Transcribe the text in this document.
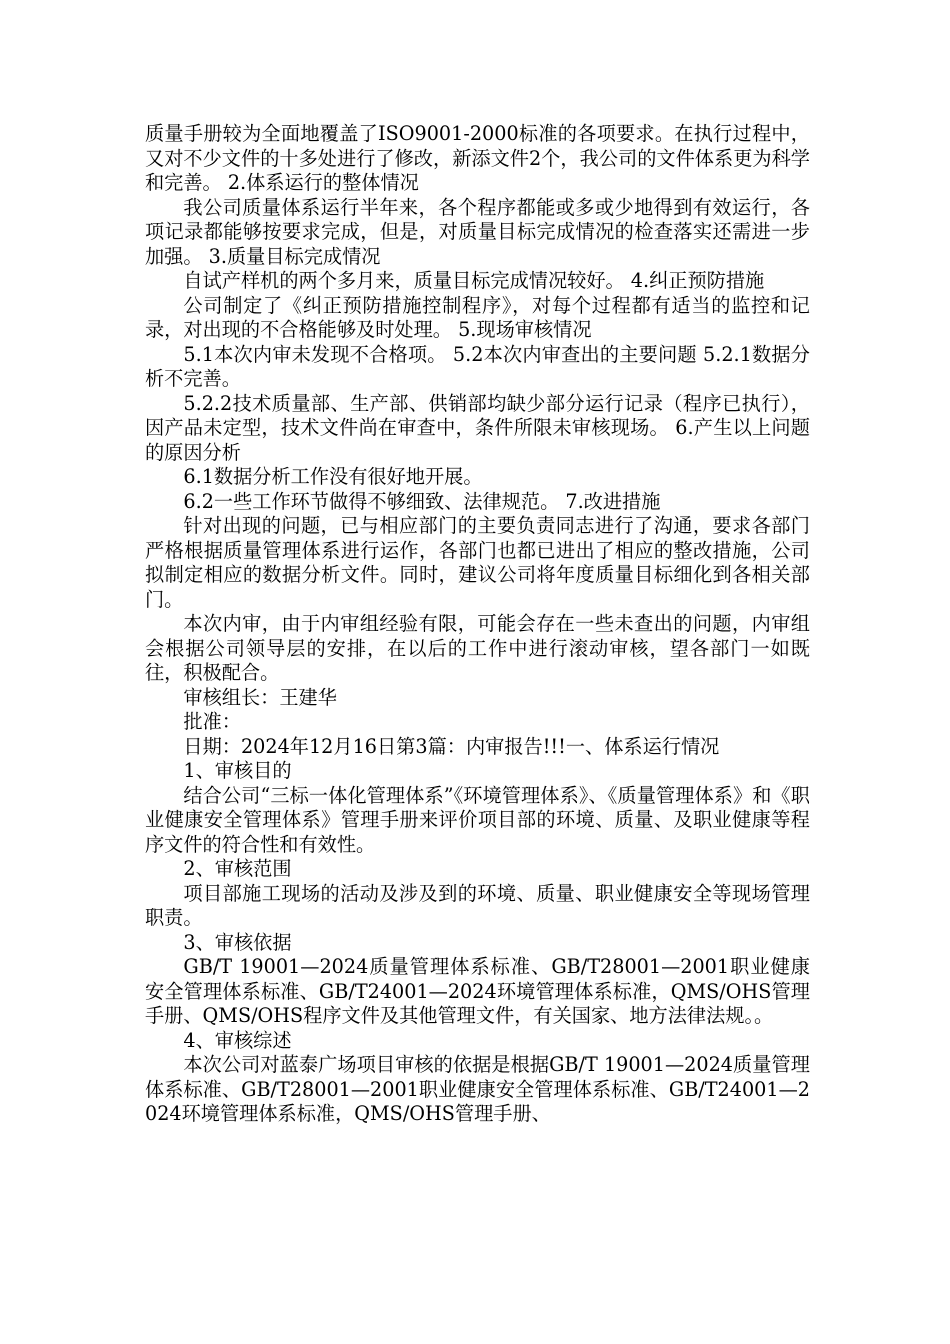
质量手册较为全面地覆盖了ISO9001-2000标准的各项要求。在执行过程中，又对不少文件的十多处进行了修改，新添文件2个，我公司的文件体系更为科学和完善。 2.体系运行的整体情况

我公司质量体系运行半年来，各个程序都能或多或少地得到有效运行，各项记录都能够按要求完成，但是，对质量目标完成情况的检查落实还需进一步加强。 3.质量目标完成情况

自试产样机的两个多月来，质量目标完成情况较好。 4.纠正预防措施

公司制定了《纠正预防措施控制程序》，对每个过程都有适当的监控和记录，对出现的不合格能够及时处理。 5.现场审核情况

5.1本次内审未发现不合格项。 5.2本次内审查出的主要问题 5.2.1数据分析不完善。

5.2.2技术质量部、生产部、供销部均缺少部分运行记录（程序已执行），因产品未定型，技术文件尚在审查中，条件所限未审核现场。 6.产生以上问题的原因分析

6.1数据分析工作没有很好地开展。

6.2一些工作环节做得不够细致、法律规范。 7.改进措施

针对出现的问题，已与相应部门的主要负责同志进行了沟通，要求各部门严格根据质量管理体系进行运作，各部门也都已进出了相应的整改措施，公司拟制定相应的数据分析文件。同时，建议公司将年度质量目标细化到各相关部门。

本次内审，由于内审组经验有限，可能会存在一些未查出的问题，内审组会根据公司领导层的安排，在以后的工作中进行滚动审核，望各部门一如既往，积极配合。

审核组长：王建华

批准：

日期：2024年12月16日第3篇：内审报告!!!一、体系运行情况

1、审核目的

结合公司“三标一体化管理体系”《环境管理体系》、《质量管理体系》和《职业健康安全管理体系》管理手册来评价项目部的环境、质量、及职业健康等程序文件的符合性和有效性。

2、审核范围

项目部施工现场的活动及涉及到的环境、质量、职业健康安全等现场管理职责。

3、审核依据

GB/T 19001—2024质量管理体系标准、GB/T28001—2001职业健康安全管理体系标准、GB/T24001—2024环境管理体系标准，QMS/OHS管理手册、QMS/OHS程序文件及其他管理文件，有关国家、地方法律法规。。

4、审核综述

本次公司对蓝泰广场项目审核的依据是根据GB/T 19001—2024质量管理体系标准、GB/T28001—2001职业健康安全管理体系标准、GB/T24001—2024环境管理体系标准，QMS/OHS管理手册、
